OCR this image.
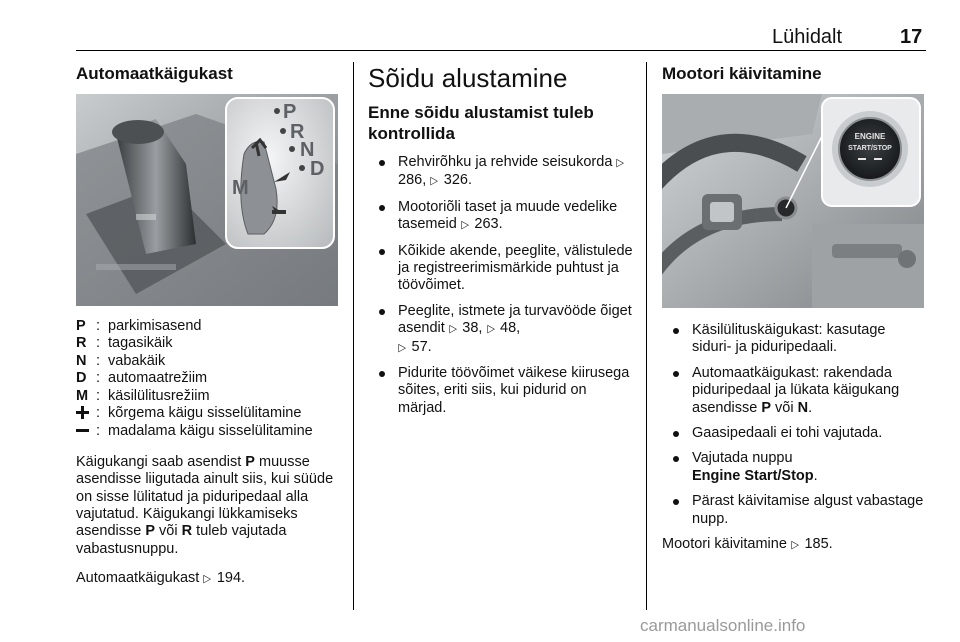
Lühidalt	17
Automaatkäigukast
P
R
N
D
M
P : parkimisasend
R : tagasikäik
N : vabakäik
D : automaatrežiim
M : käsilülitusrežiim
: kõrgema käigu sisselülitamine
: madalama käigu sisselülitamine

Käigukangi saab asendist P muusse asendisse liigutada ainult siis, kui süüde on sisse lülitatud ja piduripedaal alla vajutatud. Käigukangi lükkamiseks asendisse P või R tuleb vajutada vabastusnuppu.

Automaatkäigukast ▷ 194.

Sõidu alustamine
Enne sõidu alustamist tuleb kontrollida
Rehvirõhku ja rehvide seisukorda ▷ 286, ▷ 326.
Mootoriõli taset ja muude vedelike tasemeid ▷ 263.
Kõikide akende, peeglite, välistulede ja registreerimismärkide puhtust ja töövõimet.
Peeglite, istmete ja turvavööde õiget asendit ▷ 38, ▷ 48,
▷ 57.
Pidurite töövõimet väikese kiirusega sõites, eriti siis, kui pidurid on märjad.
Mootori käivitamine
ENGINE
START/STOP
Käsilülituskäigukast: kasutage siduri- ja piduripedaali.
Automaatkäigukast: rakendada piduripedaal ja lükata käigukang asendisse P või N.
Gaasipedaali ei tohi vajutada.
Vajutada nuppu
Engine Start/Stop.
Pärast käivitamise algust vabastage nupp.

Mootori käivitamine ▷ 185.

carmanualsonline.info
